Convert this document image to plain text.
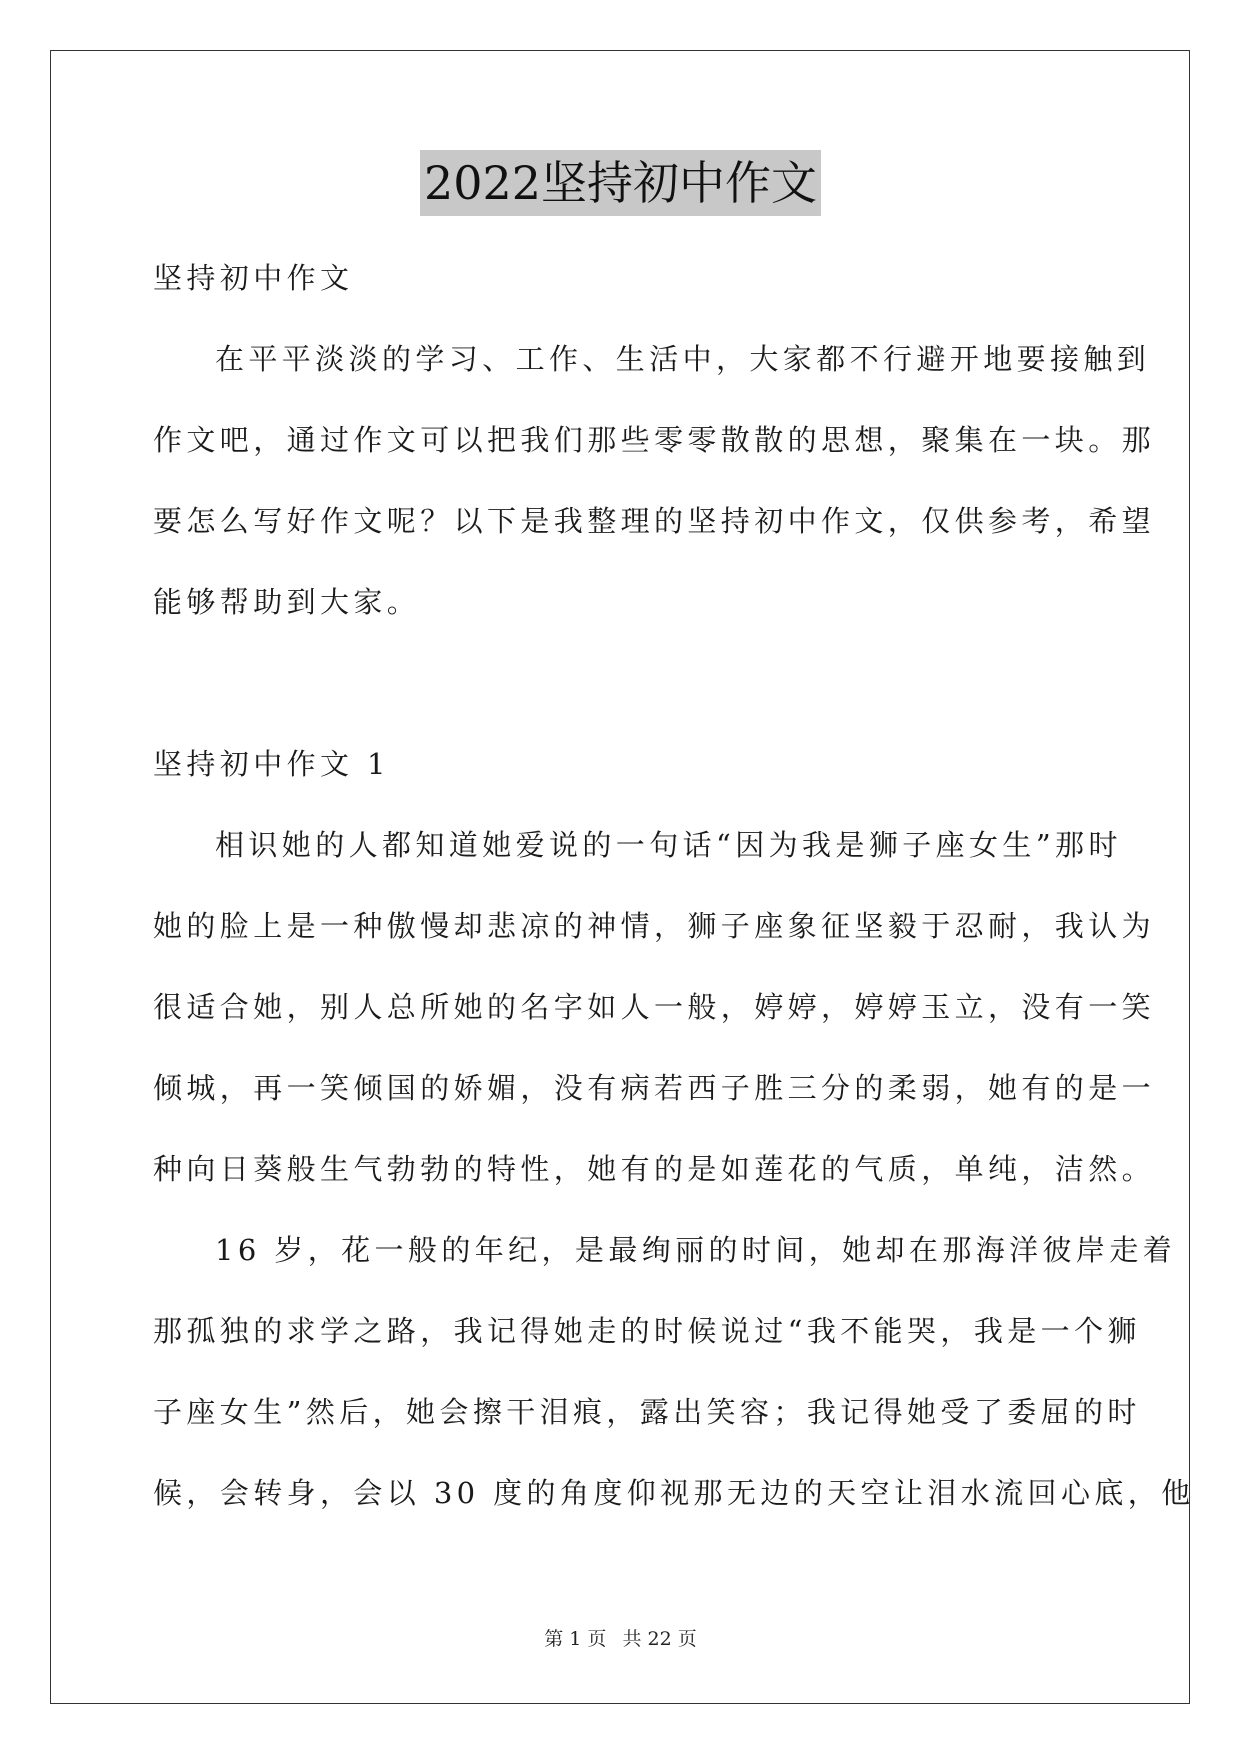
2022坚持初中作文
坚持初中作文
在平平淡淡的学习、工作、生活中，大家都不行避开地要接触到
作文吧，通过作文可以把我们那些零零散散的思想，聚集在一块。那
要怎么写好作文呢？以下是我整理的坚持初中作文，仅供参考，希望
能够帮助到大家。
坚持初中作文 1
相识她的人都知道她爱说的一句话“因为我是狮子座女生”那时
她的脸上是一种傲慢却悲凉的神情，狮子座象征坚毅于忍耐，我认为
很适合她，别人总所她的名字如人一般，婷婷，婷婷玉立，没有一笑
倾城，再一笑倾国的娇媚，没有病若西子胜三分的柔弱，她有的是一
种向日葵般生气勃勃的特性，她有的是如莲花的气质，单纯，洁然。
16 岁，花一般的年纪，是最绚丽的时间，她却在那海洋彼岸走着
那孤独的求学之路，我记得她走的时候说过“我不能哭，我是一个狮
子座女生”然后，她会擦干泪痕，露出笑容；我记得她受了委屈的时
候，会转身，会以 30 度的角度仰视那无边的天空让泪水流回心底，他
第 1 页 共 22 页
